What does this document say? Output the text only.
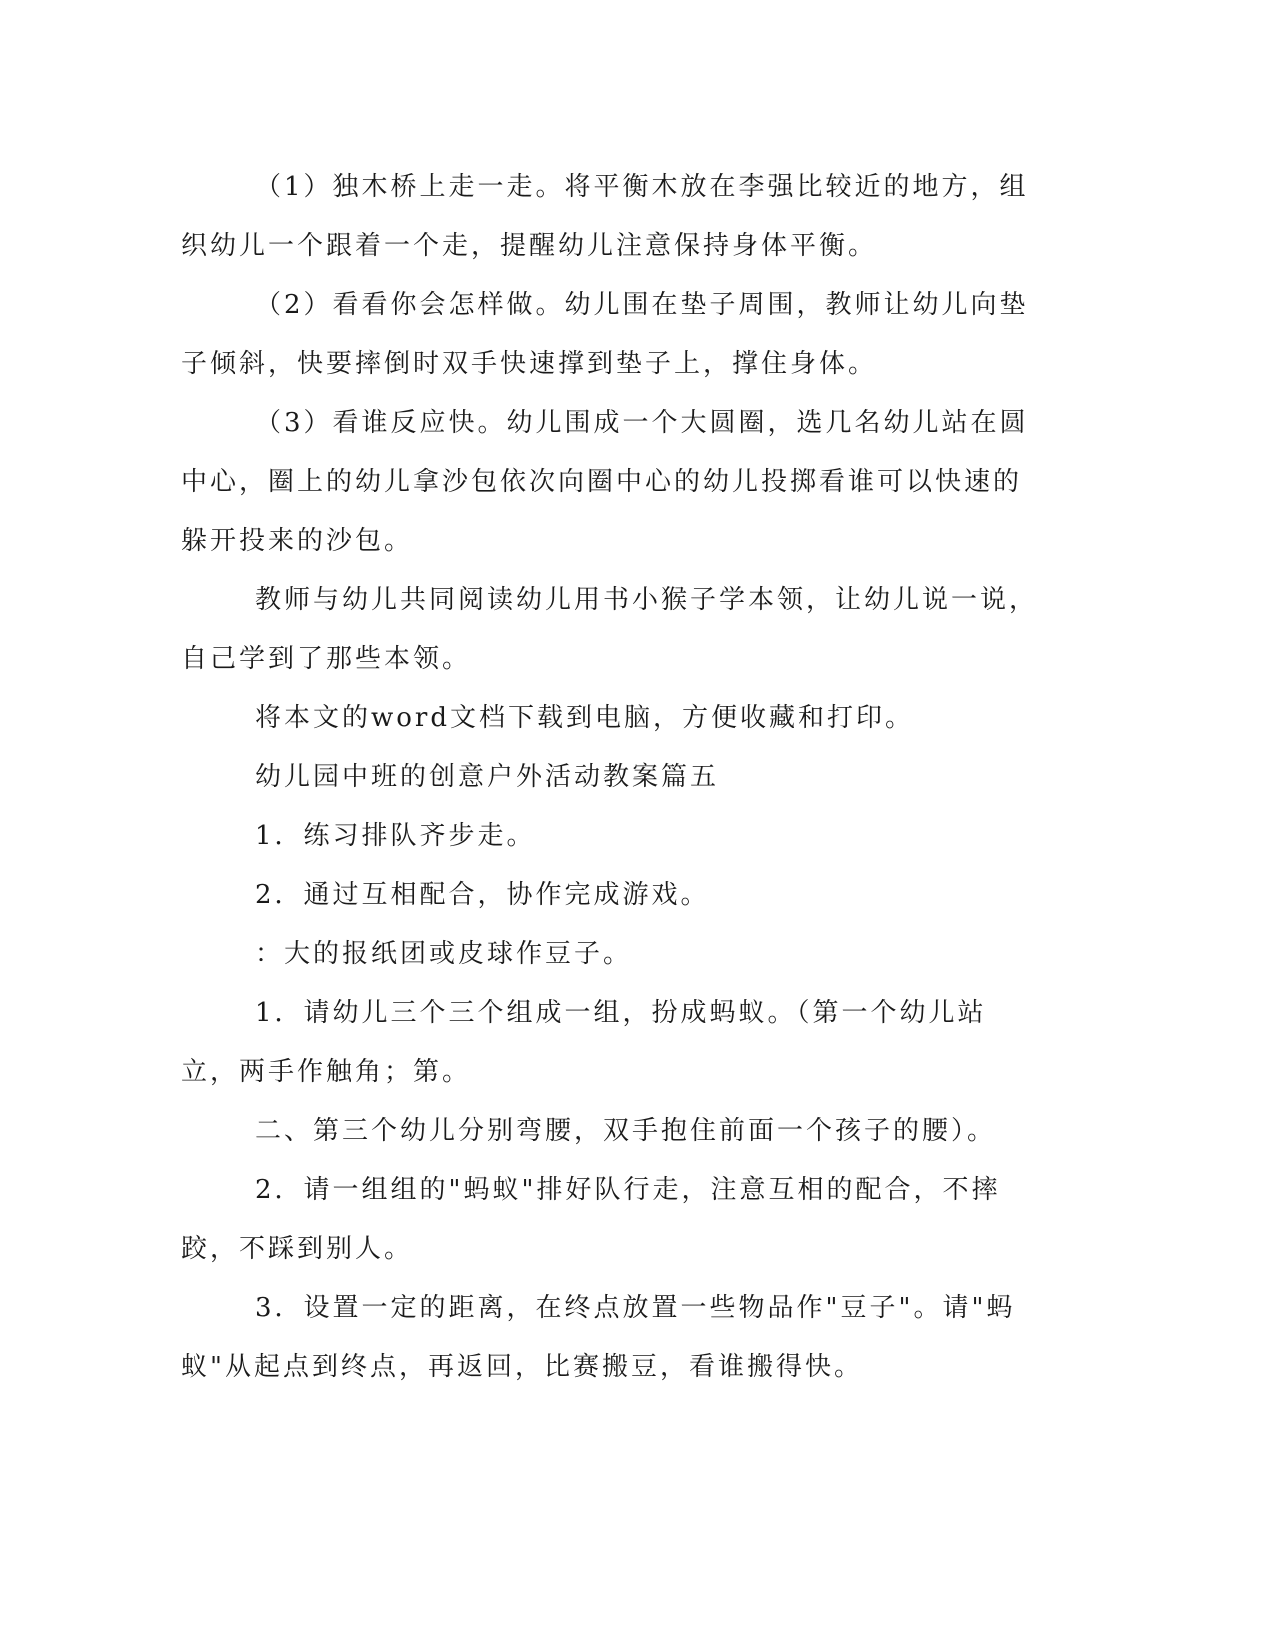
（1）独木桥上走一走。将平衡木放在李强比较近的地方，组织幼儿一个跟着一个走，提醒幼儿注意保持身体平衡。

（2）看看你会怎样做。幼儿围在垫子周围，教师让幼儿向垫子倾斜，快要摔倒时双手快速撑到垫子上，撑住身体。

（3）看谁反应快。幼儿围成一个大圆圈，选几名幼儿站在圆中心，圈上的幼儿拿沙包依次向圈中心的幼儿投掷看谁可以快速的躲开投来的沙包。

教师与幼儿共同阅读幼儿用书小猴子学本领，让幼儿说一说，自己学到了那些本领。

将本文的word文档下载到电脑，方便收藏和打印。

幼儿园中班的创意户外活动教案篇五

1．练习排队齐步走。

2．通过互相配合，协作完成游戏。

：大的报纸团或皮球作豆子。

1．请幼儿三个三个组成一组，扮成蚂蚁。（第一个幼儿站立，两手作触角；第。

二、第三个幼儿分别弯腰，双手抱住前面一个孩子的腰）。

2．请一组组的"蚂蚁"排好队行走，注意互相的配合，不摔跤，不踩到别人。

3．设置一定的距离，在终点放置一些物品作"豆子"。请"蚂蚁"从起点到终点，再返回，比赛搬豆，看谁搬得快。
